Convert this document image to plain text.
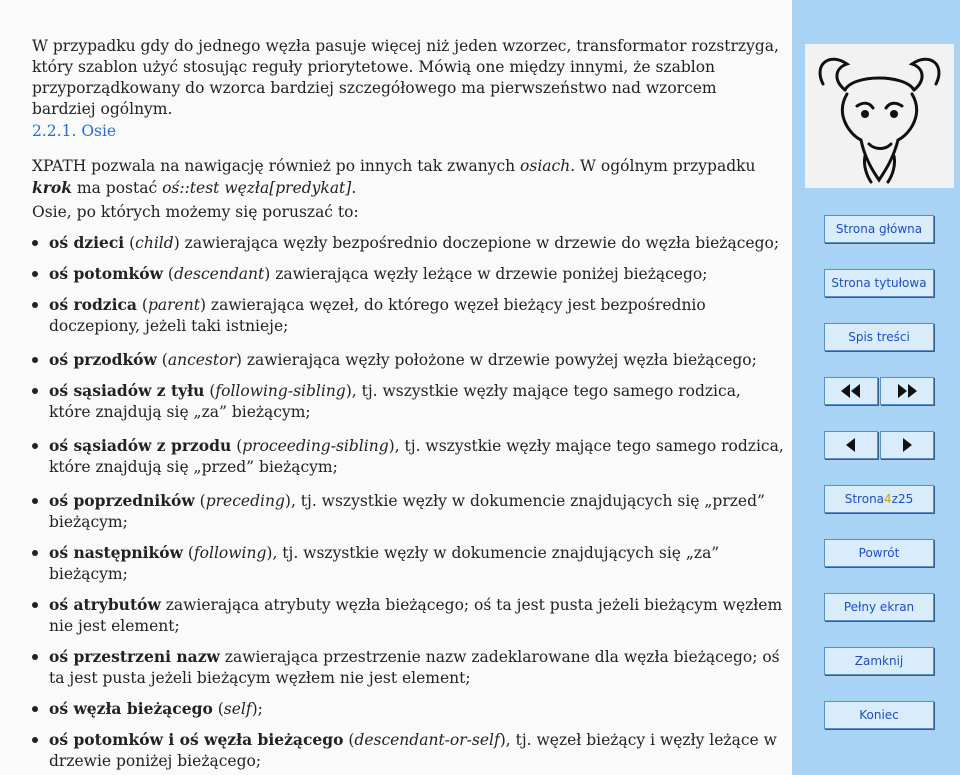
W przypadku gdy do jednego węzła pasuje więcej niż jeden wzorzec, transformator rozstrzyga, który szablon użyć stosując reguły priorytetowe. Mówią one między innymi, że szablon przyporządkowany do wzorca bardziej szczegółowego ma pierwszeństwo nad wzorcem bardziej ogólnym.

2.2.1. Osie

XPATH pozwala na nawigację również po innych tak zwanych osiach. W ogólnym przypadku krok ma postać oś::test węzła[predykat].

Osie, po których możemy się poruszać to:

oś dzieci (child) zawierająca węzły bezpośrednio doczepione w drzewie do węzła bieżącego;
oś potomków (descendant) zawierająca węzły leżące w drzewie poniżej bieżącego;
oś rodzica (parent) zawierająca węzeł, do którego węzeł bieżący jest bezpośrednio doczepiony, jeżeli taki istnieje;
oś przodków (ancestor) zawierająca węzły położone w drzewie powyżej węzła bieżącego;
oś sąsiadów z tyłu (following-sibling), tj. wszystkie węzły mające tego samego rodzica, które znajdują się „za” bieżącym;
oś sąsiadów z przodu (proceeding-sibling), tj. wszystkie węzły mające tego samego rodzica, które znajdują się „przed” bieżącym;
oś poprzedników (preceding), tj. wszystkie węzły w dokumencie znajdujących się „przed” bieżącym;
oś następników (following), tj. wszystkie węzły w dokumencie znajdujących się „za” bieżącym;
oś atrybutów zawierająca atrybuty węzła bieżącego; oś ta jest pusta jeżeli bieżącym węzłem nie jest element;
oś przestrzeni nazw zawierająca przestrzenie nazw zadeklarowane dla węzła bieżącego; oś ta jest pusta jeżeli bieżącym węzłem nie jest element;
oś węzła bieżącego (self);
oś potomków i oś węzła bieżącego (descendant-or-self), tj. węzeł bieżący i węzły leżące w drzewie poniżej bieżącego;
Strona główna
Strona tytułowa
Spis treści
Strona 4 z 25
Powrót
Pełny ekran
Zamknij
Koniec
